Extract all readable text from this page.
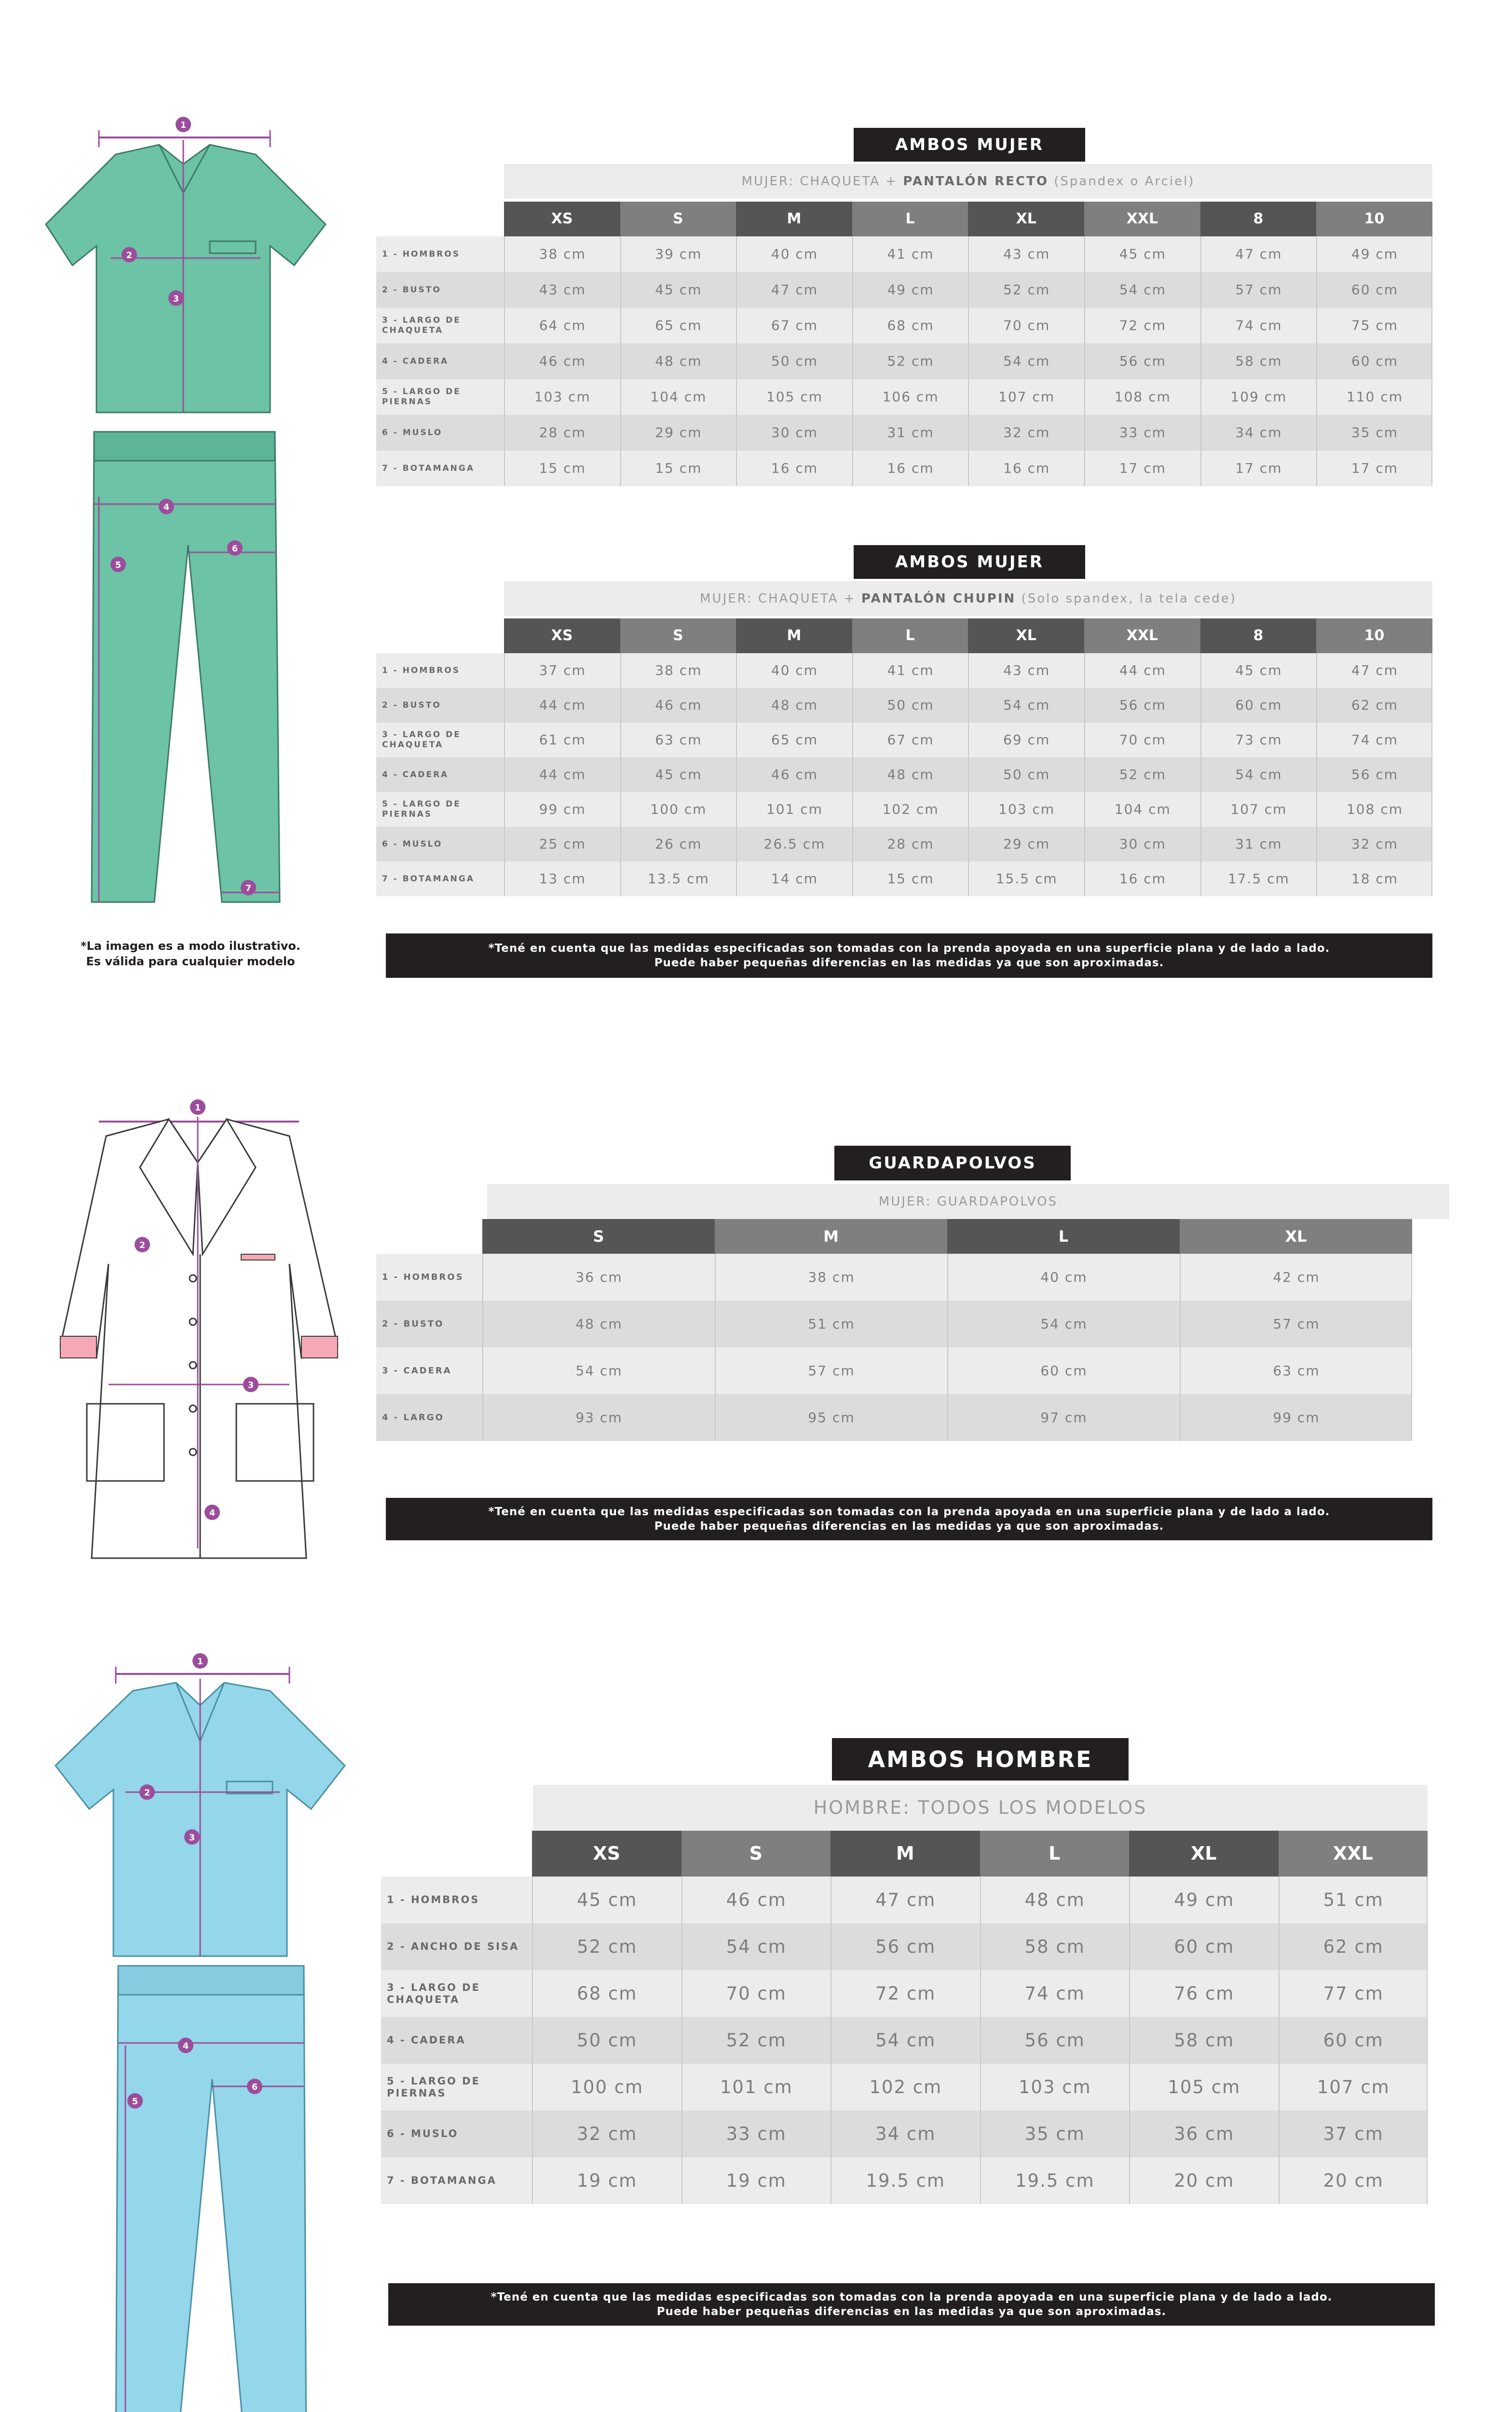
1
2
3
4
5
6
7
*La imagen es a modo ilustrativo.
Es válida para cualquier modelo
1
2
3
4
1
2
3
4
5
6
AMBOS MUJER
MUJER: CHAQUETA + PANTALÓN RECTO (Spandex o Arciel)
XS	S	M	L	XL	XXL	8	10
1 - HOMBROS	38 cm	39 cm	40 cm	41 cm	43 cm	45 cm	47 cm	49 cm
2 - BUSTO	43 cm	45 cm	47 cm	49 cm	52 cm	54 cm	57 cm	60 cm
3 - LARGO DE CHAQUETA	64 cm	65 cm	67 cm	68 cm	70 cm	72 cm	74 cm	75 cm
4 - CADERA	46 cm	48 cm	50 cm	52 cm	54 cm	56 cm	58 cm	60 cm
5 - LARGO DE PIERNAS	103 cm	104 cm	105 cm	106 cm	107 cm	108 cm	109 cm	110 cm
6 - MUSLO	28 cm	29 cm	30 cm	31 cm	32 cm	33 cm	34 cm	35 cm
7 - BOTAMANGA	15 cm	15 cm	16 cm	16 cm	16 cm	17 cm	17 cm	17 cm
AMBOS MUJER
MUJER: CHAQUETA + PANTALÓN CHUPIN (Solo spandex, la tela cede)
XS	S	M	L	XL	XXL	8	10
1 - HOMBROS	37 cm	38 cm	40 cm	41 cm	43 cm	44 cm	45 cm	47 cm
2 - BUSTO	44 cm	46 cm	48 cm	50 cm	54 cm	56 cm	60 cm	62 cm
3 - LARGO DE CHAQUETA	61 cm	63 cm	65 cm	67 cm	69 cm	70 cm	73 cm	74 cm
4 - CADERA	44 cm	45 cm	46 cm	48 cm	50 cm	52 cm	54 cm	56 cm
5 - LARGO DE PIERNAS	99 cm	100 cm	101 cm	102 cm	103 cm	104 cm	107 cm	108 cm
6 - MUSLO	25 cm	26 cm	26.5 cm	28 cm	29 cm	30 cm	31 cm	32 cm
7 - BOTAMANGA	13 cm	13.5 cm	14 cm	15 cm	15.5 cm	16 cm	17.5 cm	18 cm
*Tené en cuenta que las medidas especificadas son tomadas con la prenda apoyada en una superficie plana y de lado a lado.
Puede haber pequeñas diferencias en las medidas ya que son aproximadas.
GUARDAPOLVOS
MUJER: GUARDAPOLVOS
S	M	L	XL
1 - HOMBROS	36 cm	38 cm	40 cm	42 cm
2 - BUSTO	48 cm	51 cm	54 cm	57 cm
3 - CADERA	54 cm	57 cm	60 cm	63 cm
4 - LARGO	93 cm	95 cm	97 cm	99 cm
*Tené en cuenta que las medidas especificadas son tomadas con la prenda apoyada en una superficie plana y de lado a lado.
Puede haber pequeñas diferencias en las medidas ya que son aproximadas.
AMBOS HOMBRE
HOMBRE: TODOS LOS MODELOS
XS	S	M	L	XL	XXL
1 - HOMBROS	45 cm	46 cm	47 cm	48 cm	49 cm	51 cm
2 - ANCHO DE SISA	52 cm	54 cm	56 cm	58 cm	60 cm	62 cm
3 - LARGO DE CHAQUETA	68 cm	70 cm	72 cm	74 cm	76 cm	77 cm
4 - CADERA	50 cm	52 cm	54 cm	56 cm	58 cm	60 cm
5 - LARGO DE PIERNAS	100 cm	101 cm	102 cm	103 cm	105 cm	107 cm
6 - MUSLO	32 cm	33 cm	34 cm	35 cm	36 cm	37 cm
7 - BOTAMANGA	19 cm	19 cm	19.5 cm	19.5 cm	20 cm	20 cm
*Tené en cuenta que las medidas especificadas son tomadas con la prenda apoyada en una superficie plana y de lado a lado.
Puede haber pequeñas diferencias en las medidas ya que son aproximadas.
